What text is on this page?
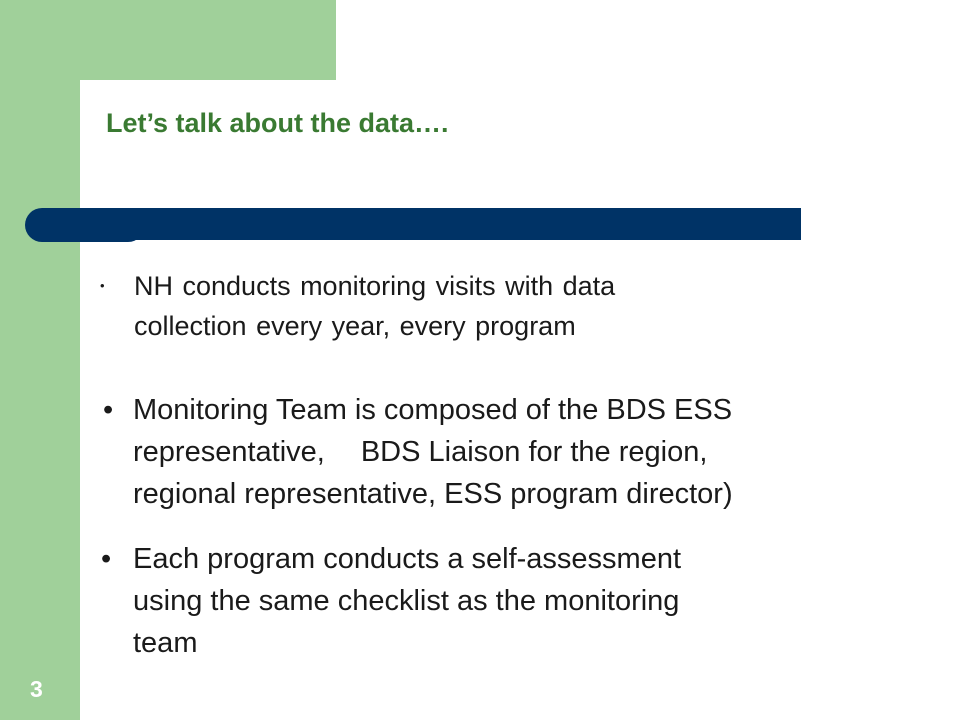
Let’s talk about the data….

• NH conducts monitoring visits with data
collection every year, every program

• Monitoring Team is composed of the BDS ESS
representative, BDS Liaison for the region,
regional representative, ESS program director)

• Each program conducts a self-assessment
using the same checklist as the monitoring
team

3
